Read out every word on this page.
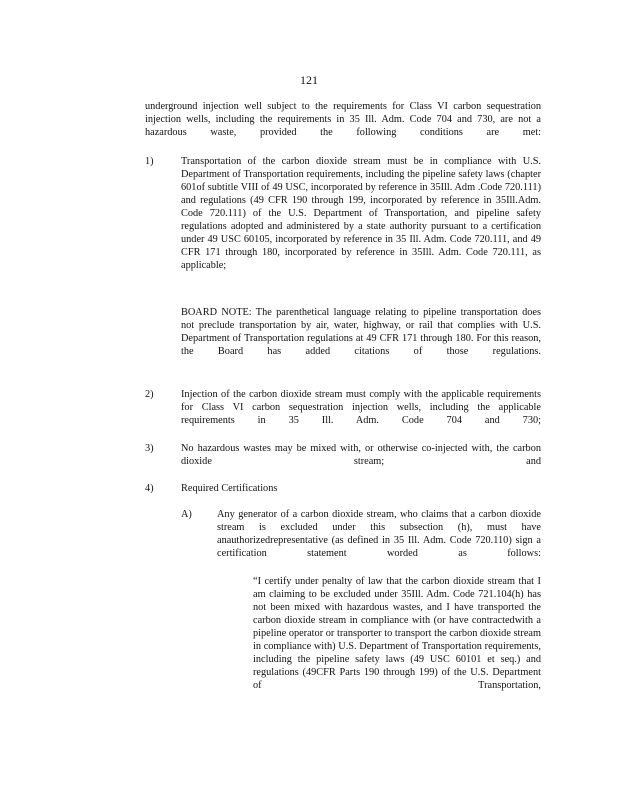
121
underground injection well subject to the requirements for Class VI carbon sequestration injection wells, including the requirements in 35 Ill. Adm. Code 704 and 730, are not a hazardous waste, provided the following conditions are met:
1)	Transportation of the carbon dioxide stream must be in compliance with U.S. Department of Transportation requirements, including the pipeline safety laws (chapter 601of subtitle VIII of 49 USC, incorporated by reference in 35Ill. Adm .Code 720.111) and regulations (49 CFR 190 through 199, incorporated by reference in 35Ill.Adm. Code 720.111) of the U.S. Department of Transportation, and pipeline safety regulations adopted and administered by a state authority pursuant to a certification under 49 USC 60105, incorporated by reference in 35 Ill. Adm. Code 720.111, and 49 CFR 171 through 180, incorporated by reference in 35Ill. Adm. Code 720.111, as applicable;
BOARD NOTE: The parenthetical language relating to pipeline transportation does not preclude transportation by air, water, highway, or rail that complies with U.S. Department of Transportation regulations at 49 CFR 171 through 180. For this reason, the Board has added citations of those regulations.
2)	Injection of the carbon dioxide stream must comply with the applicable requirements for Class VI carbon sequestration injection wells, including the applicable requirements in 35 Ill. Adm. Code 704 and 730;
3)	No hazardous wastes may be mixed with, or otherwise co-injected with, the carbon dioxide stream; and
4)	Required Certifications
A) Any generator of a carbon dioxide stream, who claims that a carbon dioxide stream is excluded under this subsection (h), must have anauthorizedrepresentative (as defined in 35 Ill. Adm. Code 720.110) sign a certification statement worded as follows:
“I certify under penalty of law that the carbon dioxide stream that I am claiming to be excluded under 35Ill. Adm. Code 721.104(h) has not been mixed with hazardous wastes, and I have transported the carbon dioxide stream in compliance with (or have contractedwith a pipeline operator or transporter to transport the carbon dioxide stream in compliance with) U.S. Department of Transportation requirements, including the pipeline safety laws (49 USC 60101 et seq.) and regulations (49CFR Parts 190 through 199) of the U.S. Department of Transportation,
